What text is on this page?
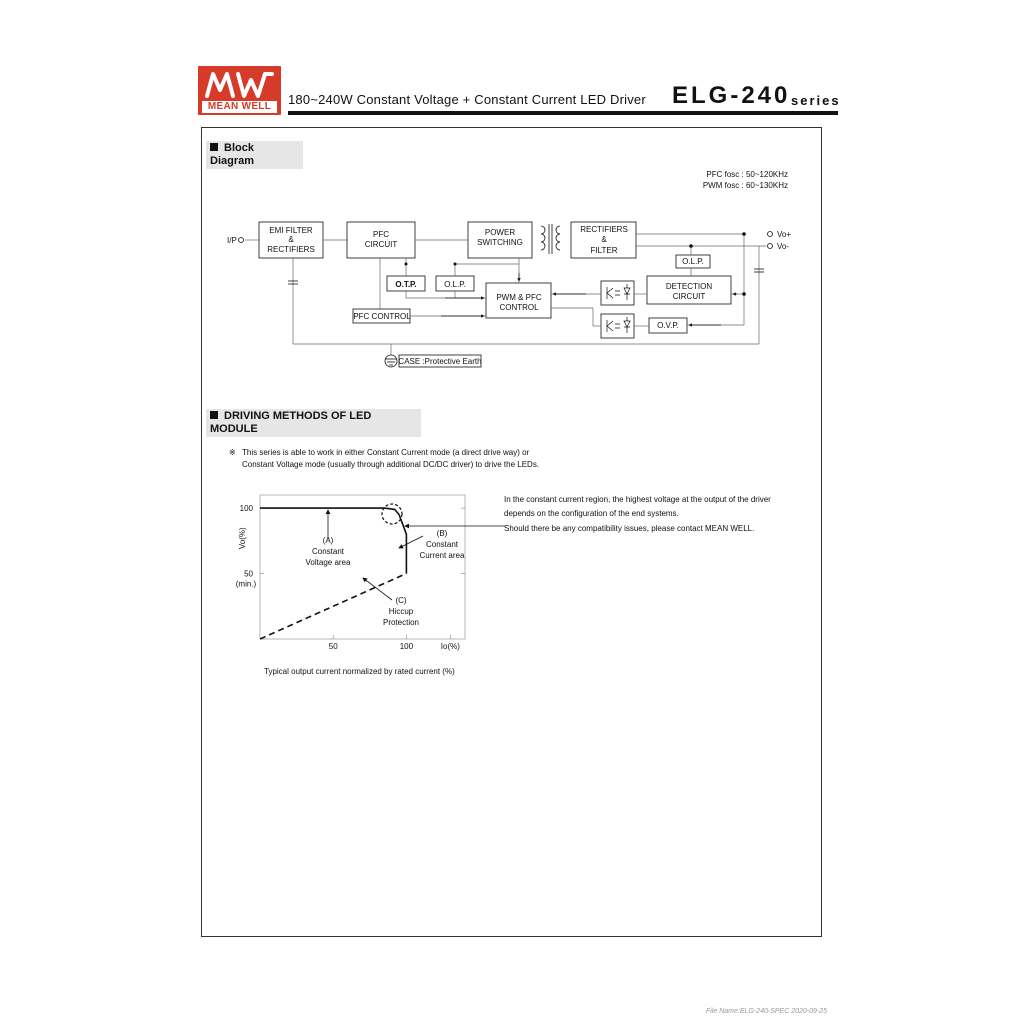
MEAN WELL	180~240W Constant Voltage + Constant Current LED Driver ELG-240 series
Block Diagram
PFC fosc : 50~120KHz
PWM fosc : 60~130KHz
EMI FILTER
&
RECTIFIERS
PFC
CIRCUIT
POWER
SWITCHING
RECTIFIERS
&
FILTER
O.T.P.	O.L.P.
PWM & PFC
CONTROL
DETECTION
CIRCUIT
O.L.P.
O.V.P.
PFC CONTROL
CASE :Protective Earth
I/P
Vo+
Vo-
DRIVING METHODS OF LED MODULE
※ This series is able to work in either Constant Current mode (a direct drive way) or
Constant Voltage mode (usually through additional DC/DC driver) to drive the LEDs.
In the constant current region, the highest voltage at the output of the driver
depends on the configuration of the end systems.
Should there be any compatibility issues, please contact MEAN WELL.
50	100
100
50
Vo(%)
Io(%)
(min.)
(A) Constant Voltage area
(B) Constant Current area
(C) Hiccup Protection
Typical output current normalized by rated current (%)
File Name:ELG-240-SPEC 2020-09-25
